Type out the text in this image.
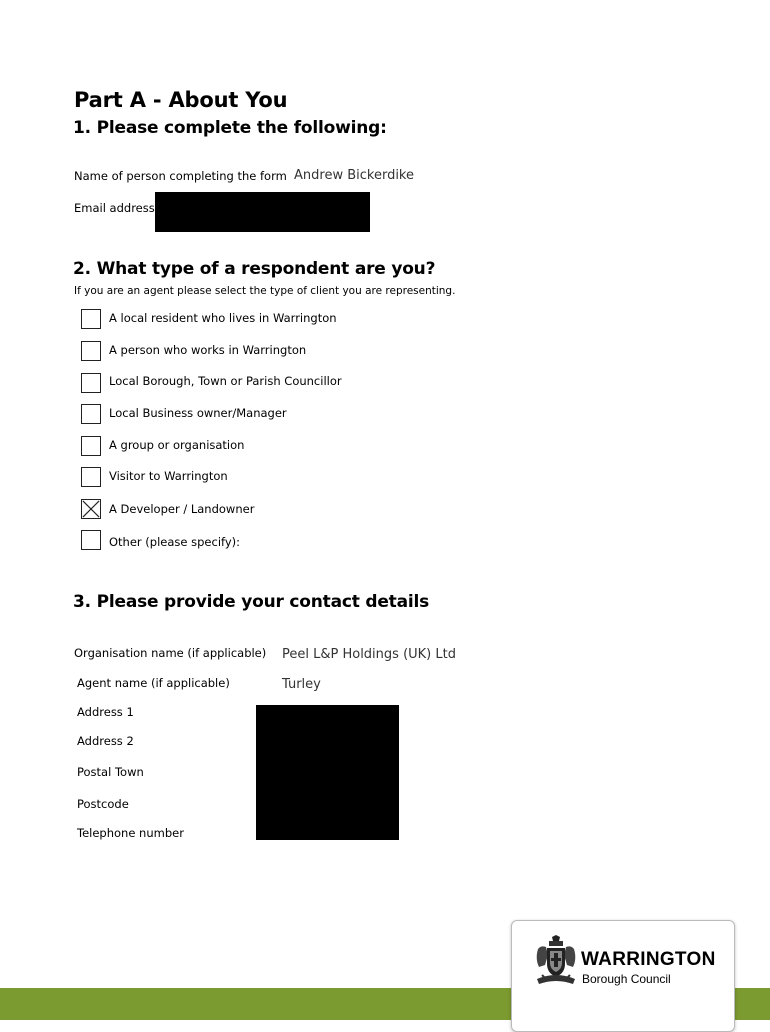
Part A - About You
1. Please complete the following:
Name of person completing the form Andrew Bickerdike
Email address
2. What type of a respondent are you?
If you are an agent please select the type of client you are representing.
A local resident who lives in Warrington
A person who works in Warrington
Local Borough, Town or Parish Councillor
Local Business owner/Manager
A group or organisation
Visitor to Warrington
A Developer / Landowner
Other (please specify):
3. Please provide your contact details
Organisation name (if applicable) Peel L&P Holdings (UK) Ltd
Agent name (if applicable)	Turley
Address 1
Address 2
Postal Town
Postcode
Telephone number
WARRINGTON
Borough Council
